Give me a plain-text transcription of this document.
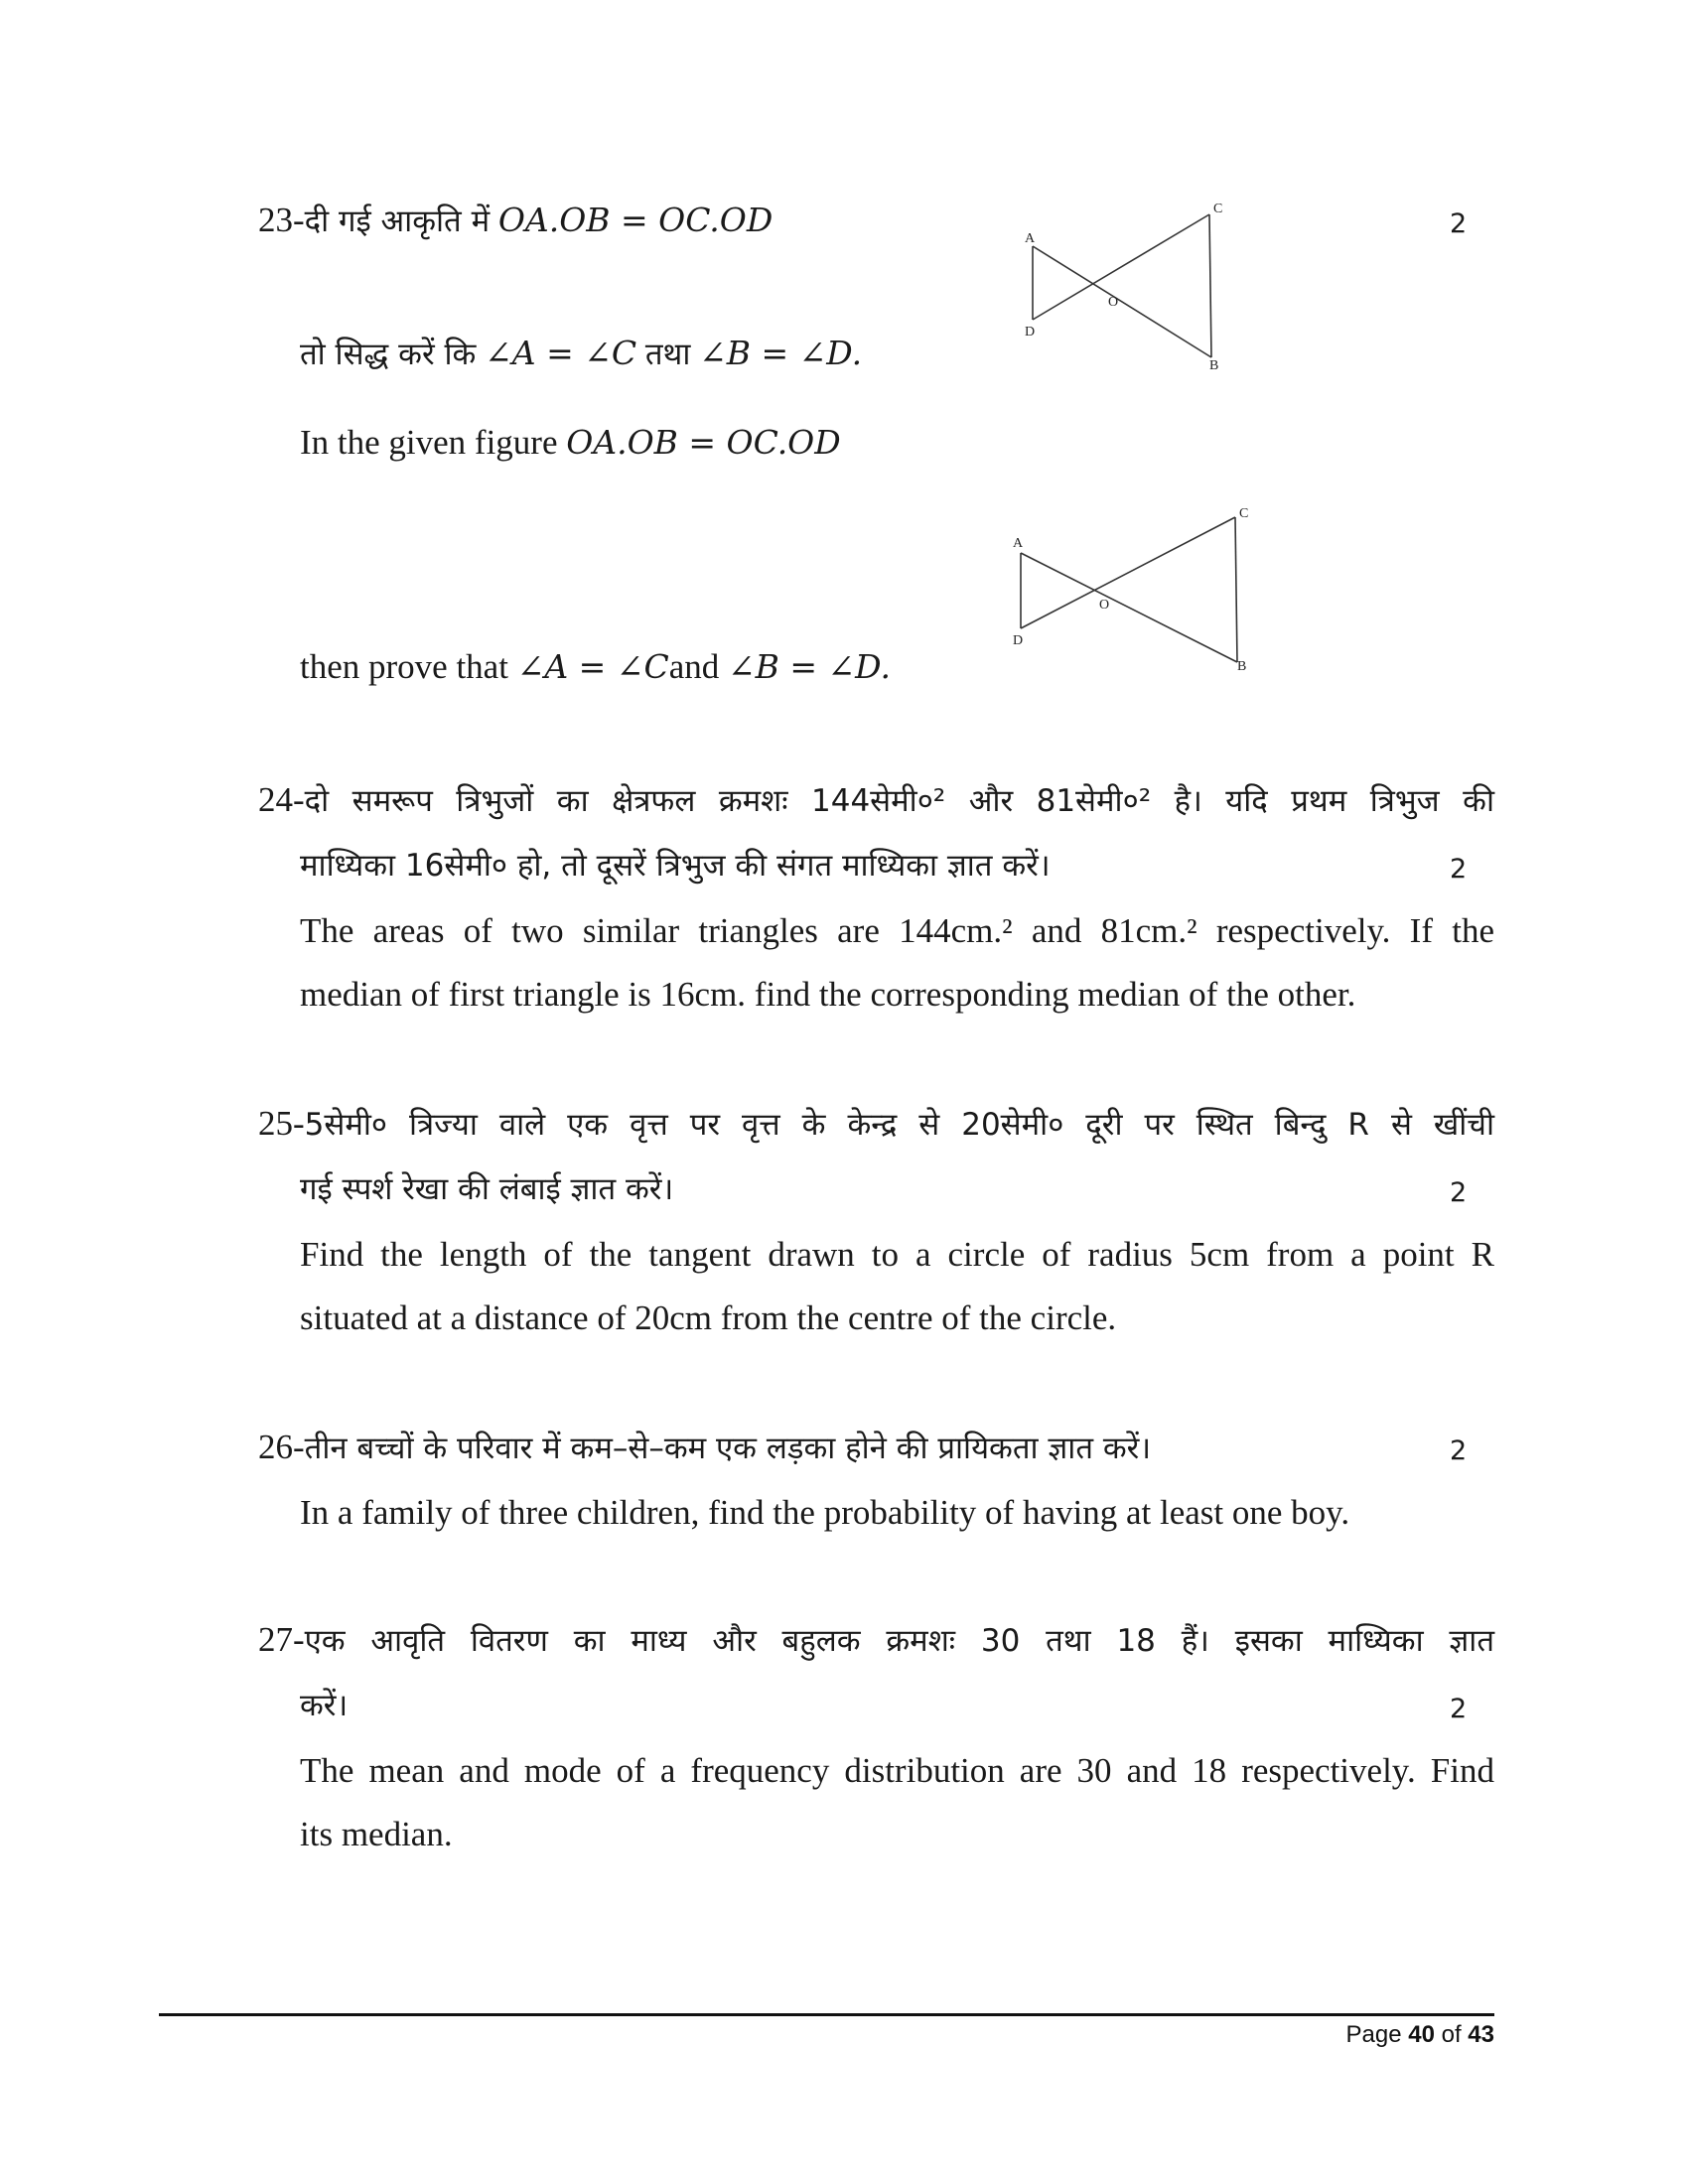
23-दी गई आकृति में OA.OB = OC.OD	2
A
C
O
D
B
तो सिद्ध करें कि ∠A = ∠C तथा ∠B = ∠D.
In the given figure OA.OB = OC.OD
A
C
O
D
B
then prove that ∠A = ∠Cand ∠B = ∠D.
24-दो समरूप त्रिभुजों का क्षेत्रफल क्रमशः 144सेमी०² और 81सेमी०² है। यदि प्रथम त्रिभुज की
माध्यिका 16सेमी० हो, तो दूसरें त्रिभुज की संगत माध्यिका ज्ञात करें।	2
The areas of two similar triangles are 144cm.² and 81cm.² respectively. If the
median of first triangle is 16cm. find the corresponding median of the other.
25-5सेमी० त्रिज्या वाले एक वृत्त पर वृत्त के केन्द्र से 20सेमी० दूरी पर स्थित बिन्दु R से खींची
गई स्पर्श रेखा की लंबाई ज्ञात करें।	2
Find the length of the tangent drawn to a circle of radius 5cm from a point R
situated at a distance of 20cm from the centre of the circle.
26-तीन बच्चों के परिवार में कम–से–कम एक लड़का होने की प्रायिकता ज्ञात करें।	2
In a family of three children, find the probability of having at least one boy.
27-एक आवृति वितरण का माध्य और बहुलक क्रमशः 30 तथा 18 हैं। इसका माध्यिका ज्ञात
करें।	2
The mean and mode of a frequency distribution are 30 and 18 respectively. Find
its median.
Page 40 of 43
